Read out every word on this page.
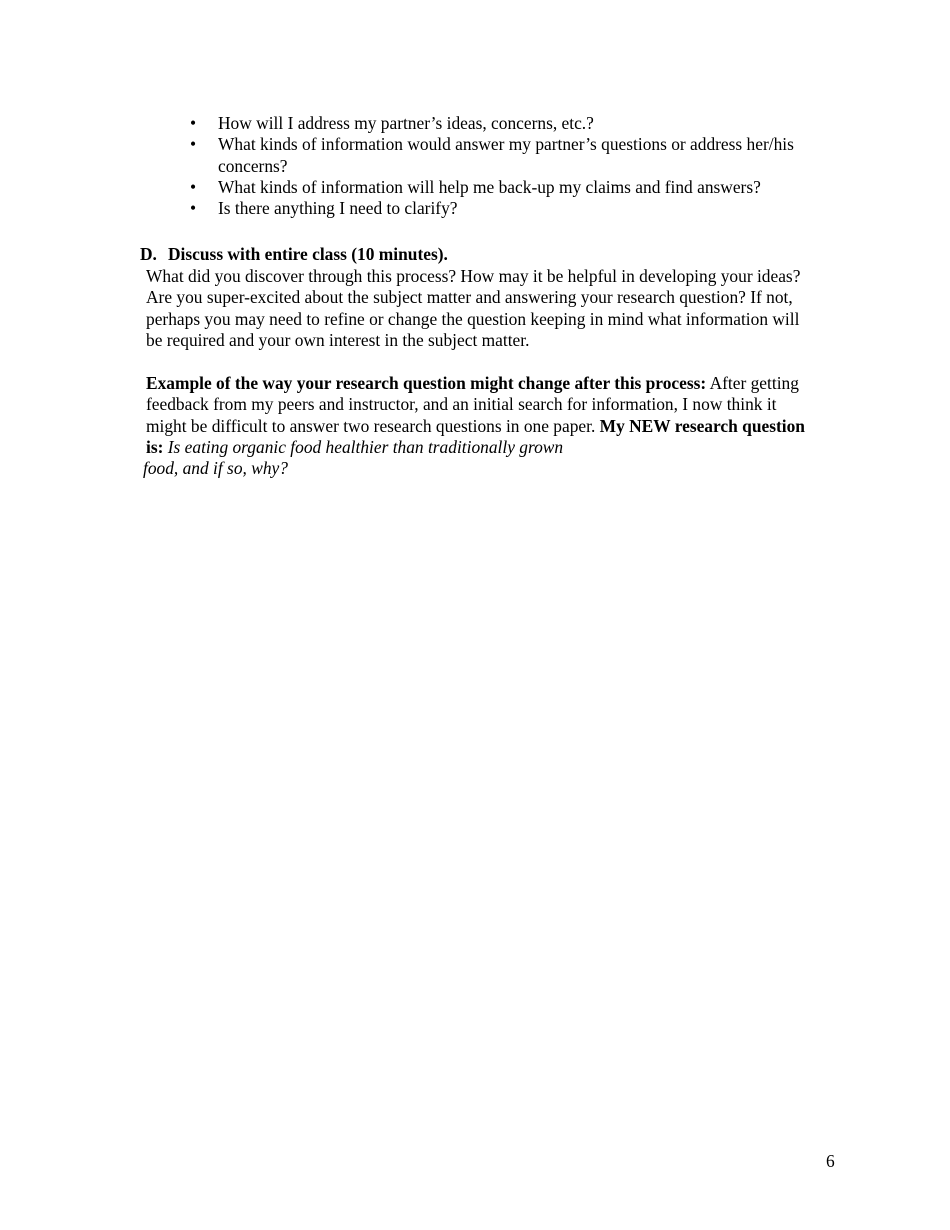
• How will I address my partner’s ideas, concerns, etc.?
• What kinds of information would answer my partner’s questions or address her/his concerns?
• What kinds of information will help me back-up my claims and find answers?
• Is there anything I need to clarify?
D. Discuss with entire class (10 minutes).

What did you discover through this process? How may it be helpful in developing your ideas? Are you super-excited about the subject matter and answering your research question? If not, perhaps you may need to refine or change the question keeping in mind what information will be required and your own interest in the subject matter.

Example of the way your research question might change after this process: After getting feedback from my peers and instructor, and an initial search for information, I now think it might be difficult to answer two research questions in one paper. My NEW research question is: Is eating organic food healthier than traditionally grown
food, and if so, why?

6
